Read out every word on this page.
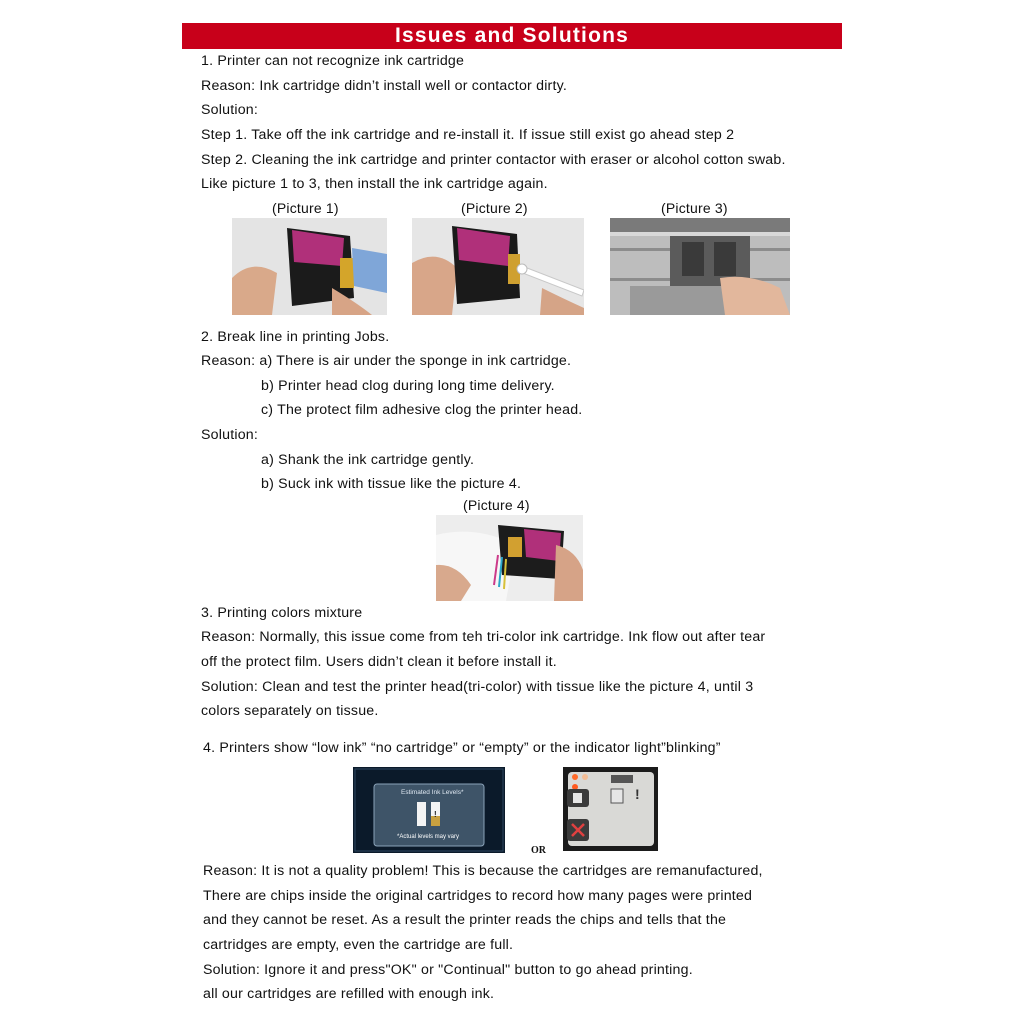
Issues and Solutions
1. Printer can not recognize ink cartridge
Reason: Ink cartridge didn’t install well or contactor dirty.
Solution:
Step 1. Take off the ink cartridge and re-install it. If issue still exist go ahead step 2
Step 2. Cleaning the ink cartridge and printer contactor with eraser or alcohol cotton swab.
Like picture 1 to 3, then install the ink cartridge again.
(Picture 1)	(Picture 2)	(Picture 3)
2. Break line in printing Jobs.
Reason: a) There is air under the sponge in ink cartridge.
b) Printer head clog during long time delivery.
c) The protect film adhesive clog the printer head.
Solution:
a) Shank the ink cartridge gently.
b) Suck ink with tissue like the picture 4.
(Picture 4)
3. Printing colors mixture
Reason: Normally, this issue come from teh tri-color ink cartridge. Ink flow out after tear
off the protect film. Users didn’t clean it before install it.
Solution: Clean and test the printer head(tri-color) with tissue like the picture 4, until 3
colors separately on tissue.
4. Printers show “low ink” “no cartridge” or “empty” or the indicator light”blinking”
!
Estimated Ink Levels*
*Actual levels may vary
!
OR
Reason: It is not a quality problem! This is because the cartridges are remanufactured,
There are chips inside the original cartridges to record how many pages were printed
and they cannot be reset. As a result the printer reads the chips and tells that the
cartridges are empty, even the cartridge are full.
Solution: Ignore it and press"OK" or "Continual" button to go ahead printing.
all our cartridges are refilled with enough ink.
